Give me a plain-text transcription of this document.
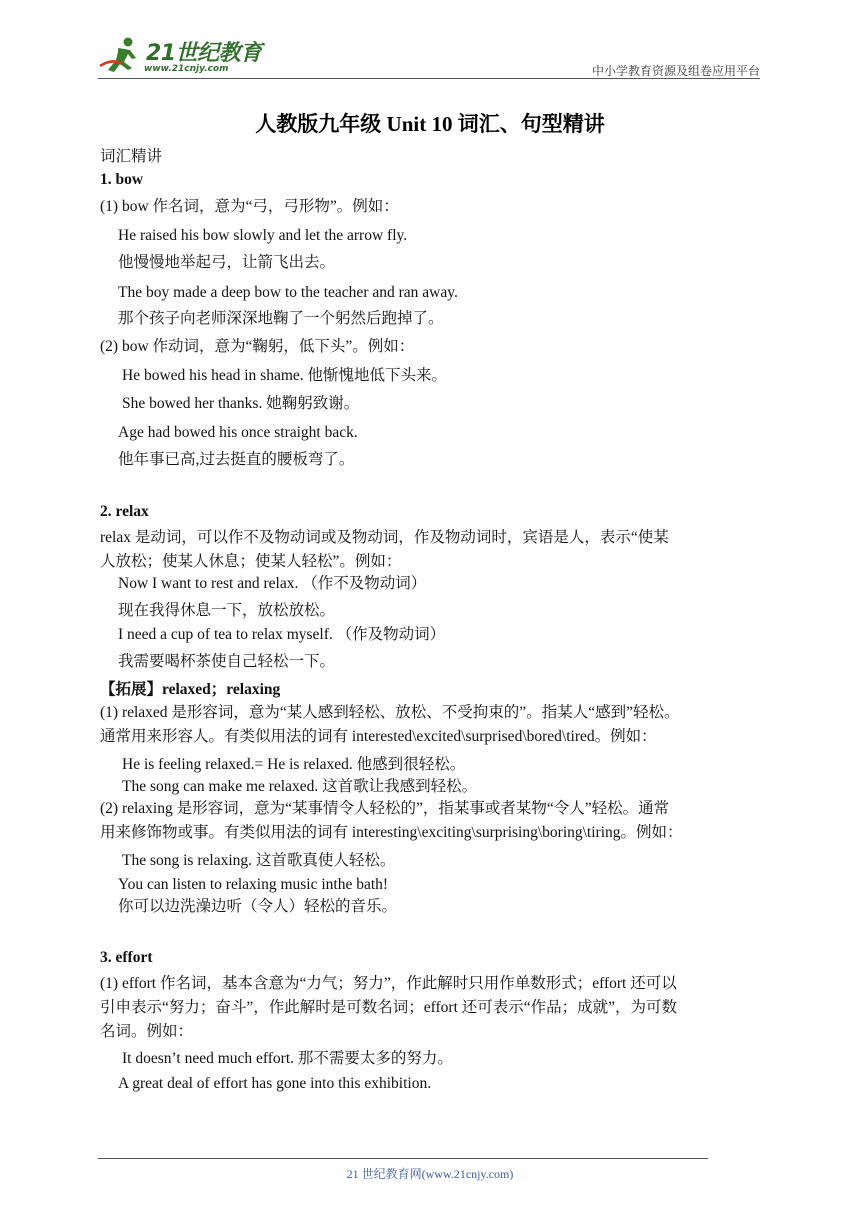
21世纪教育
www.21cnjy.com	中小学教育资源及组卷应用平台
人教版九年级 Unit 10 词汇、句型精讲
词汇精讲
1. bow
(1) bow 作名词，意为“弓，弓形物”。例如：
He raised his bow slowly and let the arrow fly.
他慢慢地举起弓，让箭飞出去。
The boy made a deep bow to the teacher and ran away.
那个孩子向老师深深地鞠了一个躬然后跑掉了。
(2) bow 作动词，意为“鞠躬，低下头”。例如：
He bowed his head in shame. 他惭愧地低下头来。
She bowed her thanks. 她鞠躬致谢。
Age had bowed his once straight back.
他年事已高,过去挺直的腰板弯了。
2. relax
relax 是动词，可以作不及物动词或及物动词，作及物动词时，宾语是人，表示“使某
人放松；使某人休息；使某人轻松”。例如：
Now I want to rest and relax. （作不及物动词）
现在我得休息一下，放松放松。
I need a cup of tea to relax myself. （作及物动词）
我需要喝杯茶使自己轻松一下。
【拓展】relaxed；relaxing
(1) relaxed 是形容词，意为“某人感到轻松、放松、不受拘束的”。指某人“感到”轻松。
通常用来形容人。有类似用法的词有 interested\excited\surprised\bored\tired。例如：
He is feeling relaxed.= He is relaxed. 他感到很轻松。
The song can make me relaxed. 这首歌让我感到轻松。
(2) relaxing 是形容词，意为“某事情令人轻松的”，指某事或者某物“令人”轻松。通常
用来修饰物或事。有类似用法的词有 interesting\exciting\surprising\boring\tiring。例如：
The song is relaxing. 这首歌真使人轻松。
You can listen to relaxing music inthe bath!
你可以边洗澡边听（令人）轻松的音乐。
3. effort
(1) effort 作名词，基本含意为“力气；努力”，作此解时只用作单数形式；effort 还可以
引申表示“努力；奋斗”，作此解时是可数名词；effort 还可表示“作品；成就”，为可数
名词。例如：
It doesn’t need much effort. 那不需要太多的努力。
A great deal of effort has gone into this exhibition.
21 世纪教育网(www.21cnjy.com)
